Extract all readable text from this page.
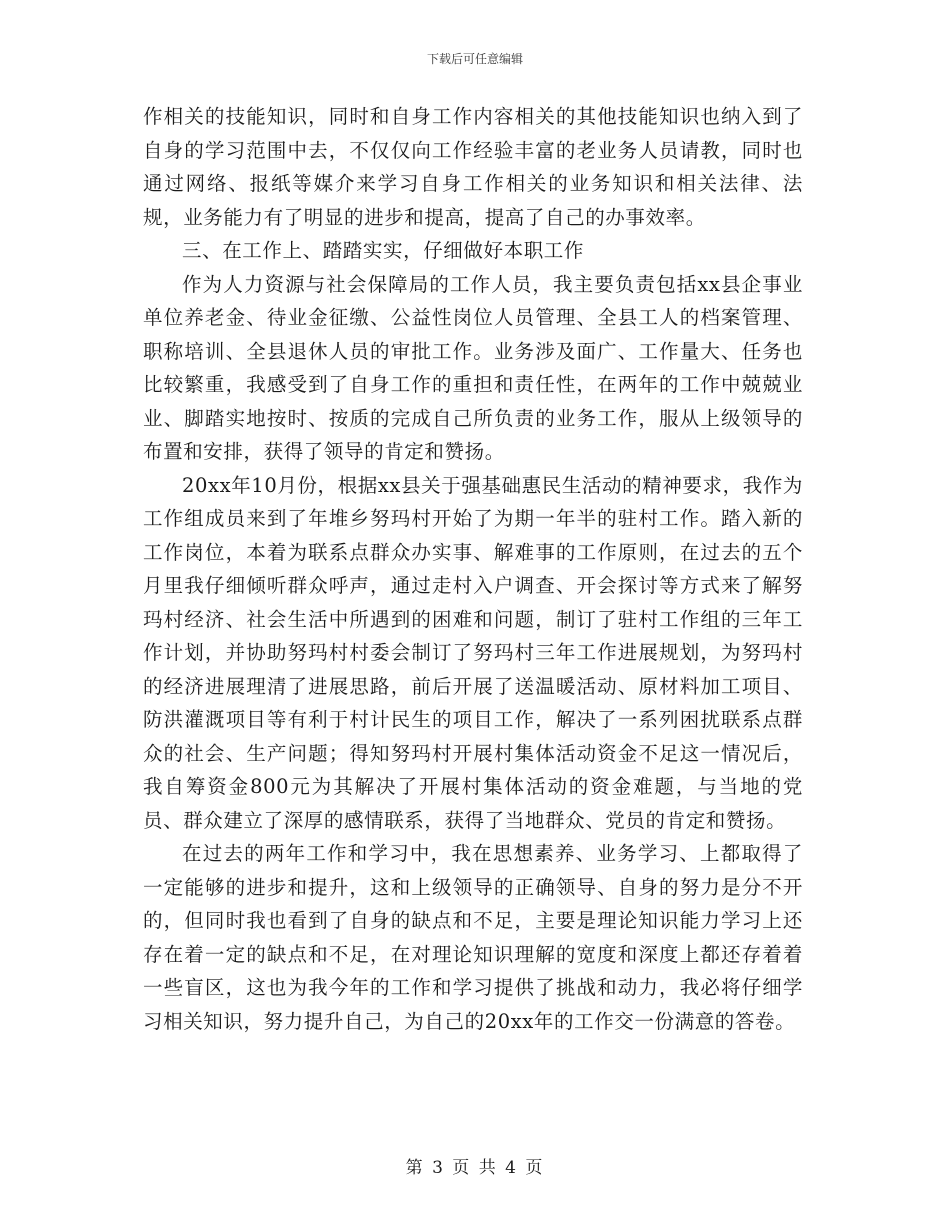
下载后可任意编辑

作相关的技能知识，同时和自身工作内容相关的其他技能知识也纳入到了自身的学习范围中去，不仅仅向工作经验丰富的老业务人员请教，同时也通过网络、报纸等媒介来学习自身工作相关的业务知识和相关法律、法规，业务能力有了明显的进步和提高，提高了自己的办事效率。

三、在工作上、踏踏实实，仔细做好本职工作

作为人力资源与社会保障局的工作人员，我主要负责包括xx县企事业单位养老金、待业金征缴、公益性岗位人员管理、全县工人的档案管理、职称培训、全县退休人员的审批工作。业务涉及面广、工作量大、任务也比较繁重，我感受到了自身工作的重担和责任性，在两年的工作中兢兢业业、脚踏实地按时、按质的完成自己所负责的业务工作，服从上级领导的布置和安排，获得了领导的肯定和赞扬。

20xx年10月份，根据xx县关于强基础惠民生活动的精神要求，我作为工作组成员来到了年堆乡努玛村开始了为期一年半的驻村工作。踏入新的工作岗位，本着为联系点群众办实事、解难事的工作原则，在过去的五个月里我仔细倾听群众呼声，通过走村入户调查、开会探讨等方式来了解努玛村经济、社会生活中所遇到的困难和问题，制订了驻村工作组的三年工作计划，并协助努玛村村委会制订了努玛村三年工作进展规划，为努玛村的经济进展理清了进展思路，前后开展了送温暖活动、原材料加工项目、防洪灌溉项目等有利于村计民生的项目工作，解决了一系列困扰联系点群众的社会、生产问题；得知努玛村开展村集体活动资金不足这一情况后，我自筹资金800元为其解决了开展村集体活动的资金难题，与当地的党员、群众建立了深厚的感情联系，获得了当地群众、党员的肯定和赞扬。

在过去的两年工作和学习中，我在思想素养、业务学习、上都取得了一定能够的进步和提升，这和上级领导的正确领导、自身的努力是分不开的，但同时我也看到了自身的缺点和不足，主要是理论知识能力学习上还存在着一定的缺点和不足，在对理论知识理解的宽度和深度上都还存着着一些盲区，这也为我今年的工作和学习提供了挑战和动力，我必将仔细学习相关知识，努力提升自己，为自己的20xx年的工作交一份满意的答卷。

第 3 页 共 4 页
